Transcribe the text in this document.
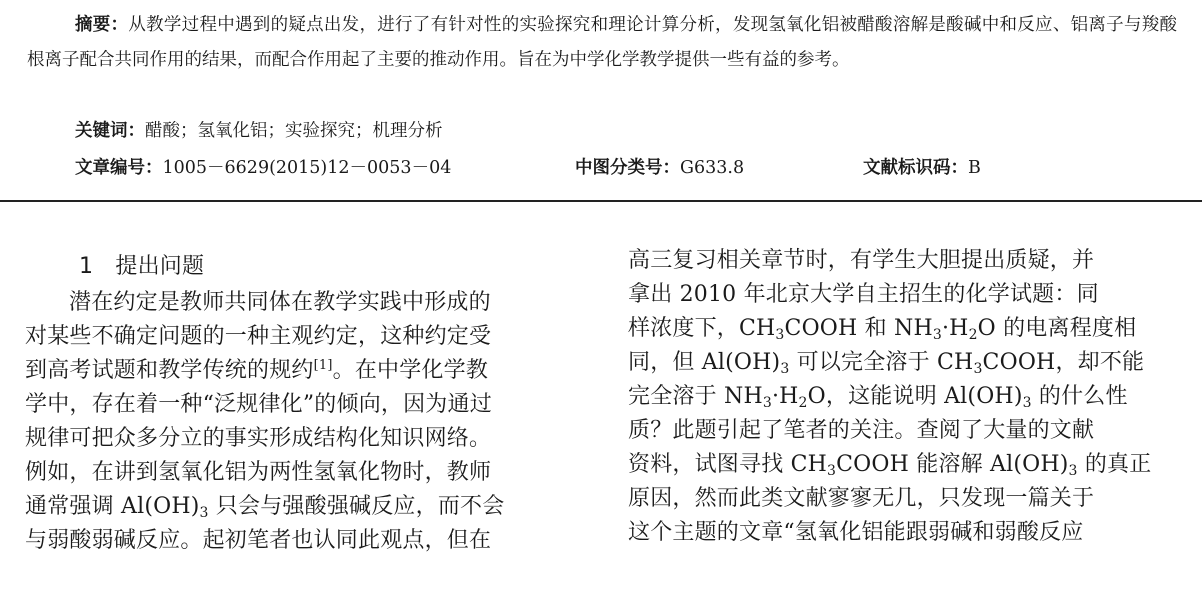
摘要：从教学过程中遇到的疑点出发，进行了有针对性的实验探究和理论计算分析，发现氢氧化铝被醋酸溶解是酸碱中和反应、铝离子与羧酸根离子配合共同作用的结果，而配合作用起了主要的推动作用。旨在为中学化学教学提供一些有益的参考。
关键词：醋酸；氢氧化铝；实验探究；机理分析
文章编号：1005－6629(2015)12－0053－04	中图分类号：G633.8	文献标识码：B
1　提出问题
潜在约定是教师共同体在教学实践中形成的
对某些不确定问题的一种主观约定，这种约定受
到高考试题和教学传统的规约[1]。在中学化学教
学中，存在着一种“泛规律化”的倾向，因为通过
规律可把众多分立的事实形成结构化知识网络。
例如，在讲到氢氧化铝为两性氢氧化物时，教师
通常强调 $Al(OH)_3$ 只会与强酸强碱反应，而不会
与弱酸弱碱反应。起初笔者也认同此观点，但在
高三复习相关章节时，有学生大胆提出质疑，并
拿出 2010 年北京大学自主招生的化学试题：同
样浓度下，$CH_3COOH$ 和 $NH_3\cdot H_2O$ 的电离程度相
同，但 $Al(OH)_3$ 可以完全溶于 $CH_3COOH$，却不能
完全溶于 $NH_3\cdot H_2O$，这能说明 $Al(OH)_3$ 的什么性
质？此题引起了笔者的关注。查阅了大量的文献
资料，试图寻找 $CH_3COOH$ 能溶解 $Al(OH)_3$ 的真正
原因，然而此类文献寥寥无几，只发现一篇关于
这个主题的文章“氢氧化铝能跟弱碱和弱酸反应
